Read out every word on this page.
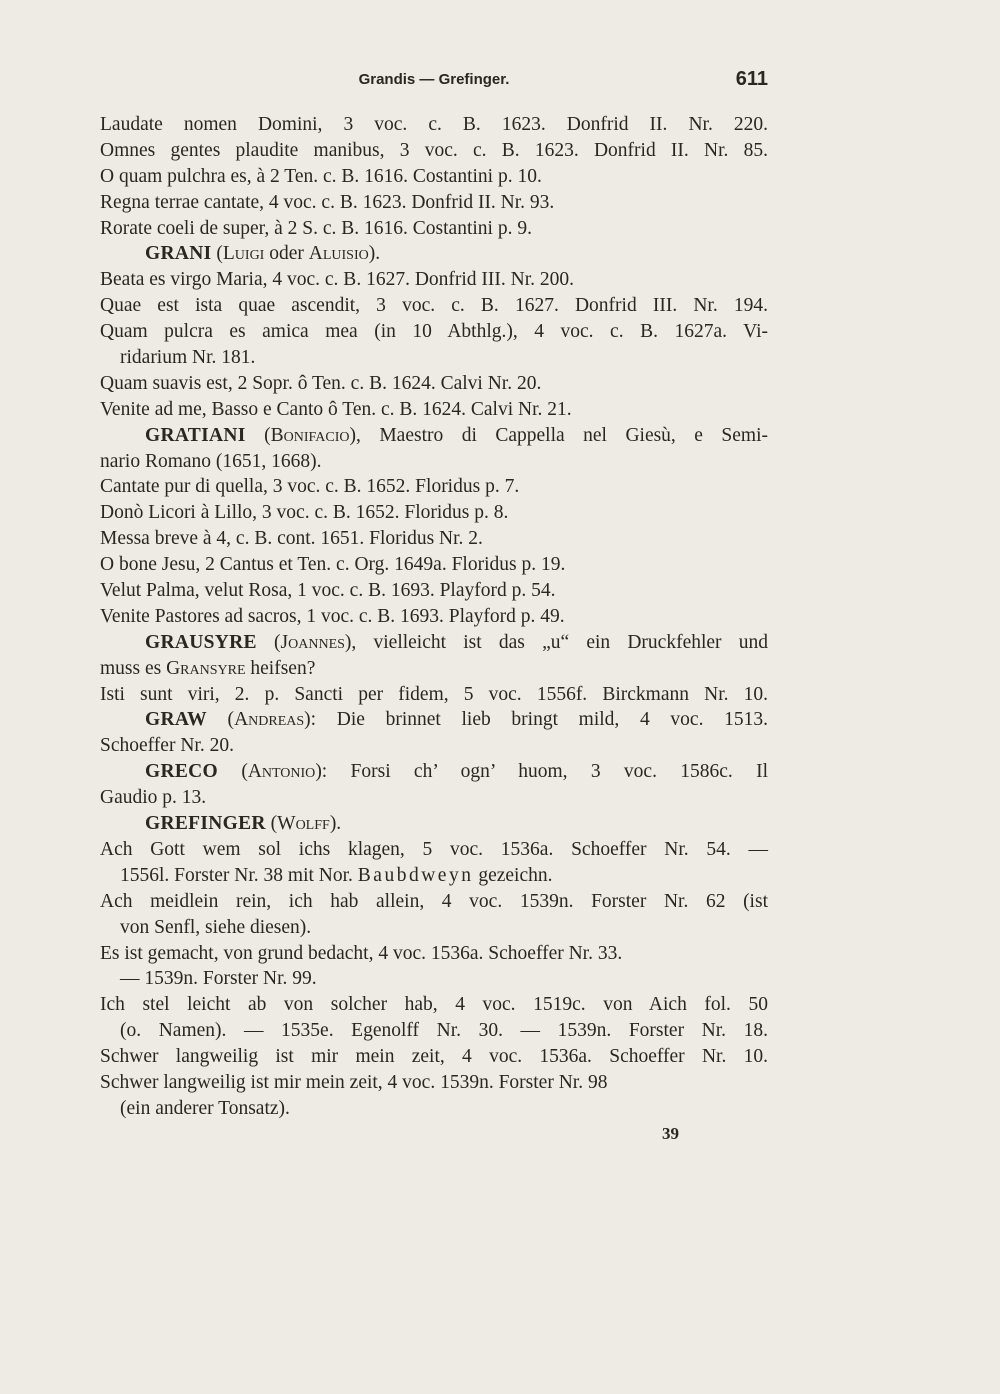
Grandis — Grefinger.	611
Laudate nomen Domini, 3 voc. c. B. 1623. Donfrid II. Nr. 220.
Omnes gentes plaudite manibus, 3 voc. c. B. 1623. Donfrid II. Nr. 85.
O quam pulchra es, à 2 Ten. c. B. 1616. Costantini p. 10.
Regna terrae cantate, 4 voc. c. B. 1623. Donfrid II. Nr. 93.
Rorate coeli de super, à 2 S. c. B. 1616. Costantini p. 9.
GRANI (Luigi oder Aluisio).
Beata es virgo Maria, 4 voc. c. B. 1627. Donfrid III. Nr. 200.
Quae est ista quae ascendit, 3 voc. c. B. 1627. Donfrid III. Nr. 194.
Quam pulcra es amica mea (in 10 Abthlg.), 4 voc. c. B. 1627a. Vi-
ridarium Nr. 181.
Quam suavis est, 2 Sopr. ô Ten. c. B. 1624. Calvi Nr. 20.
Venite ad me, Basso e Canto ô Ten. c. B. 1624. Calvi Nr. 21.
GRATIANI (Bonifacio), Maestro di Cappella nel Giesù, e Semi-
nario Romano (1651, 1668).
Cantate pur di quella, 3 voc. c. B. 1652. Floridus p. 7.
Donò Licori à Lillo, 3 voc. c. B. 1652. Floridus p. 8.
Messa breve à 4, c. B. cont. 1651. Floridus Nr. 2.
O bone Jesu, 2 Cantus et Ten. c. Org. 1649a. Floridus p. 19.
Velut Palma, velut Rosa, 1 voc. c. B. 1693. Playford p. 54.
Venite Pastores ad sacros, 1 voc. c. B. 1693. Playford p. 49.
GRAUSYRE (Joannes), vielleicht ist das „u“ ein Druckfehler und
muss es Gransyre heifsen?
Isti sunt viri, 2. p. Sancti per fidem, 5 voc. 1556f. Birckmann Nr. 10.
GRAW (Andreas): Die brinnet lieb bringt mild, 4 voc. 1513.
Schoeffer Nr. 20.
GRECO (Antonio): Forsi ch’ ogn’ huom, 3 voc. 1586c. Il
Gaudio p. 13.
GREFINGER (Wolff).
Ach Gott wem sol ichs klagen, 5 voc. 1536a. Schoeffer Nr. 54. —
1556l. Forster Nr. 38 mit Nor. Baubdweyn gezeichn.
Ach meidlein rein, ich hab allein, 4 voc. 1539n. Forster Nr. 62 (ist
von Senfl, siehe diesen).
Es ist gemacht, von grund bedacht, 4 voc. 1536a. Schoeffer Nr. 33.
— 1539n. Forster Nr. 99.
Ich stel leicht ab von solcher hab, 4 voc. 1519c. von Aich fol. 50
(o. Namen). — 1535e. Egenolff Nr. 30. — 1539n. Forster Nr. 18.
Schwer langweilig ist mir mein zeit, 4 voc. 1536a. Schoeffer Nr. 10.
Schwer langweilig ist mir mein zeit, 4 voc. 1539n. Forster Nr. 98
(ein anderer Tonsatz).
39
